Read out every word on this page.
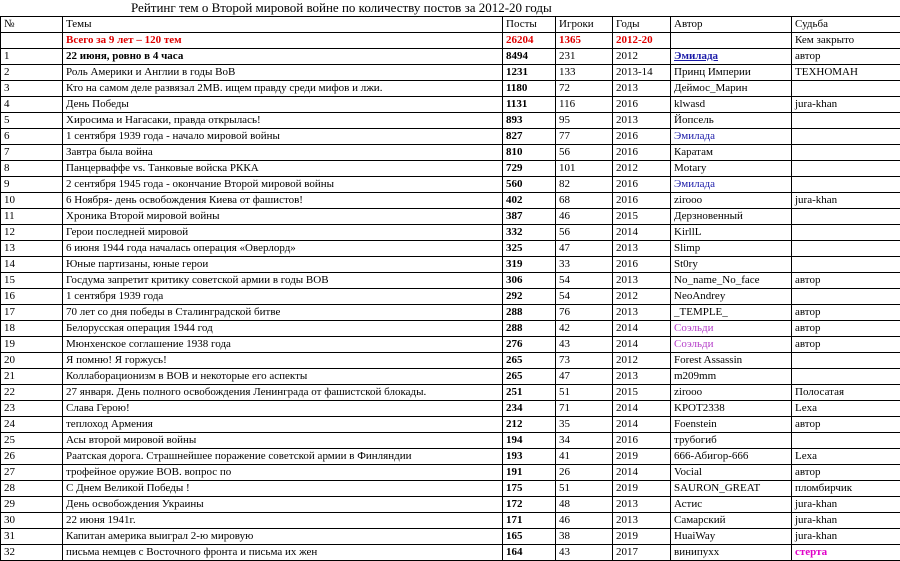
Рейтинг тем о Второй мировой войне по количеству постов за 2012-20 годы
№	Темы	Посты	Игроки	Годы	Автор	Судьба
	Всего за 9 лет – 120 тем	26204	1365	2012-20		Кем закрыто
1	22 июня, ровно в 4 часа	8494	231	2012	Эмилада	автор
2	Роль Америки и Англии в годы ВоВ	1231	133	2013-14	Принц Империи	TEXHOMAH
3	Кто на самом деле развязал 2МВ. ищем правду среди мифов и лжи.	1180	72	2013	Деймос_Марин	
4	День Победы	1131	116	2016	klwasd	jura-khan
5	Хиросима и Нагасаки, правда открылась!	893	95	2013	Йопсель	
6	1 сентября 1939 года - начало мировой войны	827	77	2016	Эмилада	
7	Завтра была война	810	56	2016	Каратам	
8	Панцерваффе vs. Танковые войска РККА	729	101	2012	Motary	
9	2 сентября 1945 года - окончание Второй мировой войны	560	82	2016	Эмилада	
10	6 Ноября- день освобождения Киева от фашистов!	402	68	2016	zirooo	jura-khan
11	Хроника Второй мировой войны	387	46	2015	Дерзновенный	
12	Герои последней мировой	332	56	2014	KirllL	
13	6 июня 1944 года началась операция «Оверлорд»	325	47	2013	Slimp	
14	Юные партизаны, юные герои	319	33	2016	St0ry	
15	Госдума запретит критику советской армии в годы ВОВ	306	54	2013	No_name_No_face	автор
16	1 сентября 1939 года	292	54	2012	NeoAndrey	
17	70 лет со дня победы в Сталинградской битве	288	76	2013	_TEMPLE_	автор
18	Белорусская операция 1944 год	288	42	2014	Соэльди	автор
19	Мюнхенское соглашение 1938 года	276	43	2014	Соэльди	автор
20	Я помню! Я горжусь!	265	73	2012	Forest Assassin	
21	Коллаборационизм в ВОВ и некоторые его аспекты	265	47	2013	m209mm	
22	27 января. День полного освобождения Ленинграда от фашистской блокады.	251	51	2015	zirooo	Полосатая
23	Слава Герою!	234	71	2014	KPOT2338	Lexa
24	теплоход Армения	212	35	2014	Foenstein	автор
25	Асы второй мировой войны	194	34	2016	трубогиб	
26	Раатская дорога. Страшнейшее поражение советской армии в Финляндии	193	41	2019	666-Абигор-666	Lexa
27	трофейное оружие ВОВ. вопрос по	191	26	2014	Vocial	автор
28	С Днем Великой Победы !	175	51	2019	SAURON_GREAT	пломбирчик
29	День освобождения Украины	172	48	2013	Астис	jura-khan
30	22 июня 1941г.	171	46	2013	Самарский	jura-khan
31	Капитан америка выиграл 2-ю мировую	165	38	2019	HuaiWay	jura-khan
32	письма немцев с Восточного фронта и письма их жен	164	43	2017	винипухх	стерта
